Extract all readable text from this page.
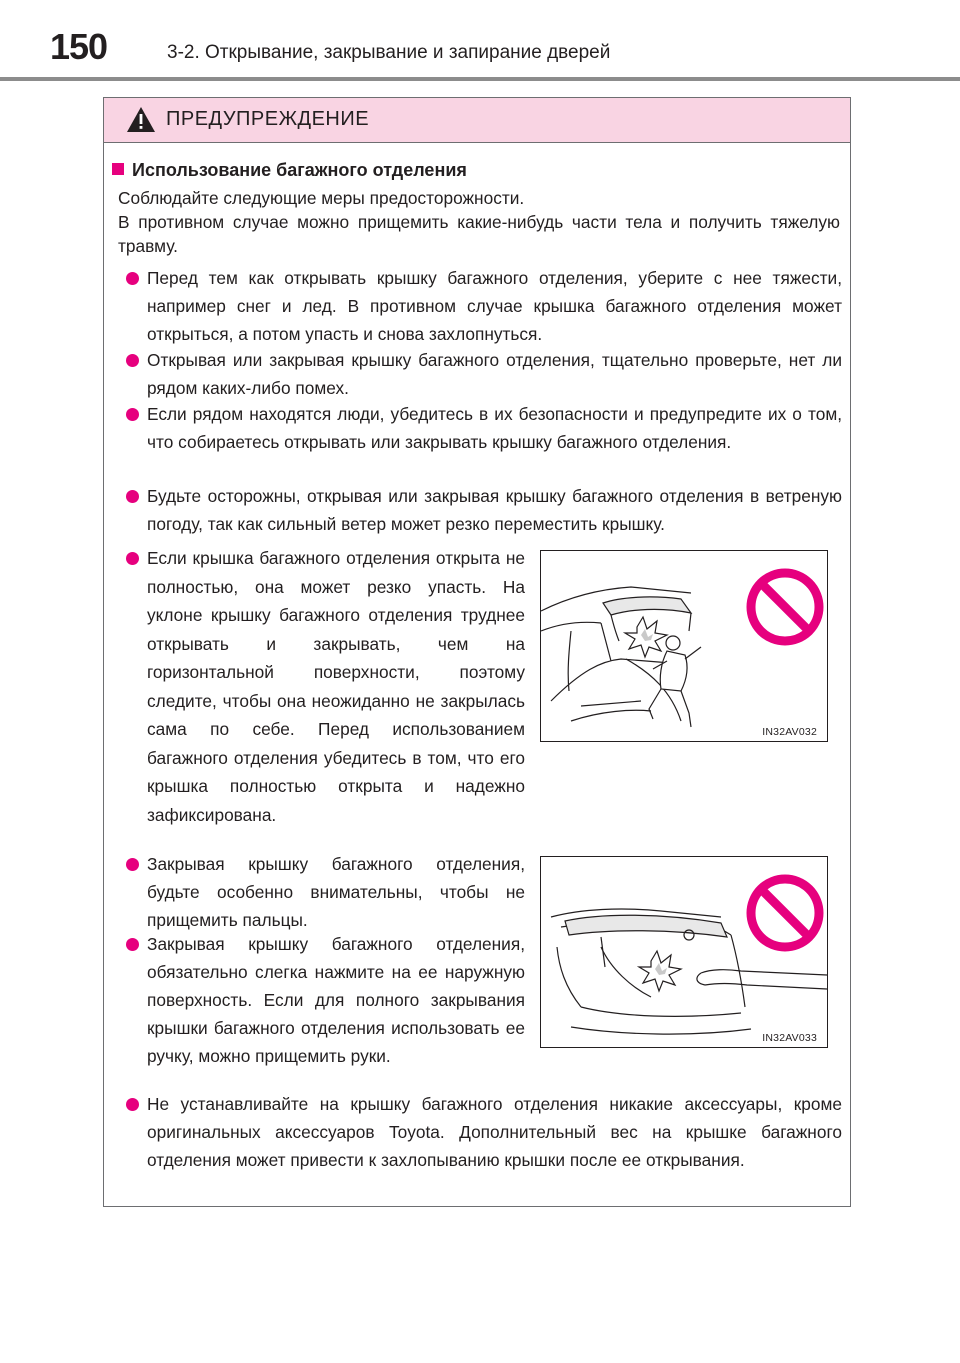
150	3-2. Открывание, закрывание и запирание дверей
ПРЕДУПРЕЖДЕНИЕ
Использование багажного отделения
Соблюдайте следующие меры предосторожности.
В противном случае можно прищемить какие-нибудь части тела и получить тяжелую травму.
Перед тем как открывать крышку багажного отделения, уберите с нее тяжести, например снег и лед. В противном случае крышка багажного отделения может открыться, а потом упасть и снова захлопнуться.
Открывая или закрывая крышку багажного отделения, тщательно проверьте, нет ли рядом каких-либо помех.
Если рядом находятся люди, убедитесь в их безопасности и предупредите их о том, что собираетесь открывать или закрывать крышку багажного отделения.
Будьте осторожны, открывая или закрывая крышку багажного отделения в ветреную погоду, так как сильный ветер может резко переместить крышку.
Если крышка багажного отделения открыта не полностью, она может резко упасть. На уклоне крышку багажного отделения труднее открывать и закрывать, чем на горизонтальной поверхности, поэтому следите, чтобы она неожиданно не закрылась сама по себе. Перед использованием багажного отделения убедитесь в том, что его крышка полностью открыта и надежно зафиксирована.
Закрывая крышку багажного отделения, будьте особенно внимательны, чтобы не прищемить пальцы.
Закрывая крышку багажного отделения, обязательно слегка нажмите на ее наружную поверхность. Если для полного закрывания крышки багажного отделения использовать ее ручку, можно прищемить руки.
Не устанавливайте на крышку багажного отделения никакие аксессуары, кроме оригинальных аксессуаров Toyota. Дополнительный вес на крышке багажного отделения может привести к захлопыванию крышки после ее открывания.
IN32AV032
IN32AV033
